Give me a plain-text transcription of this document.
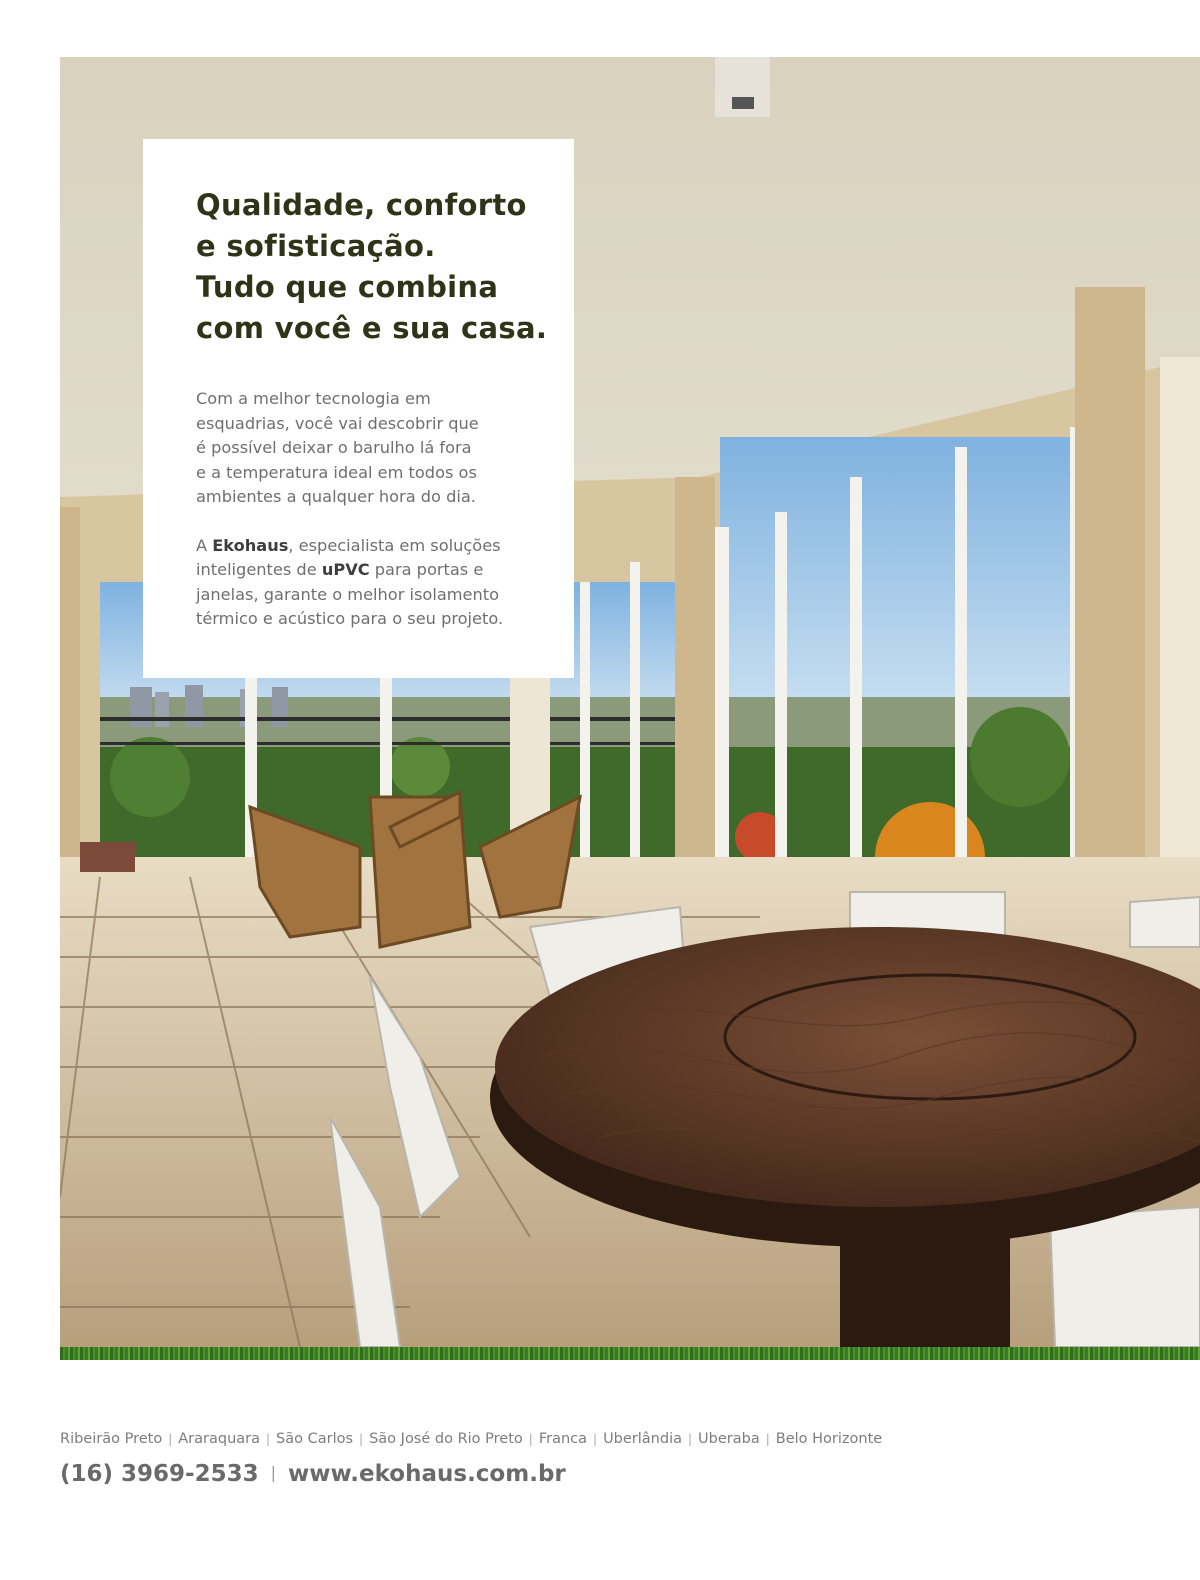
Qualidade, conforto
e sofisticação.
Tudo que combina
com você e sua casa.

Com a melhor tecnologia em
esquadrias, você vai descobrir que
é possível deixar o barulho lá fora
e a temperatura ideal em todos os
ambientes a qualquer hora do dia.

A Ekohaus, especialista em soluções
inteligentes de uPVC para portas e
janelas, garante o melhor isolamento
térmico e acústico para o seu projeto.

Ribeirão Preto | Araraquara | São Carlos | São José do Rio Preto | Franca | Uberlândia | Uberaba | Belo Horizonte
(16) 3969-2533 | www.ekohaus.com.br
